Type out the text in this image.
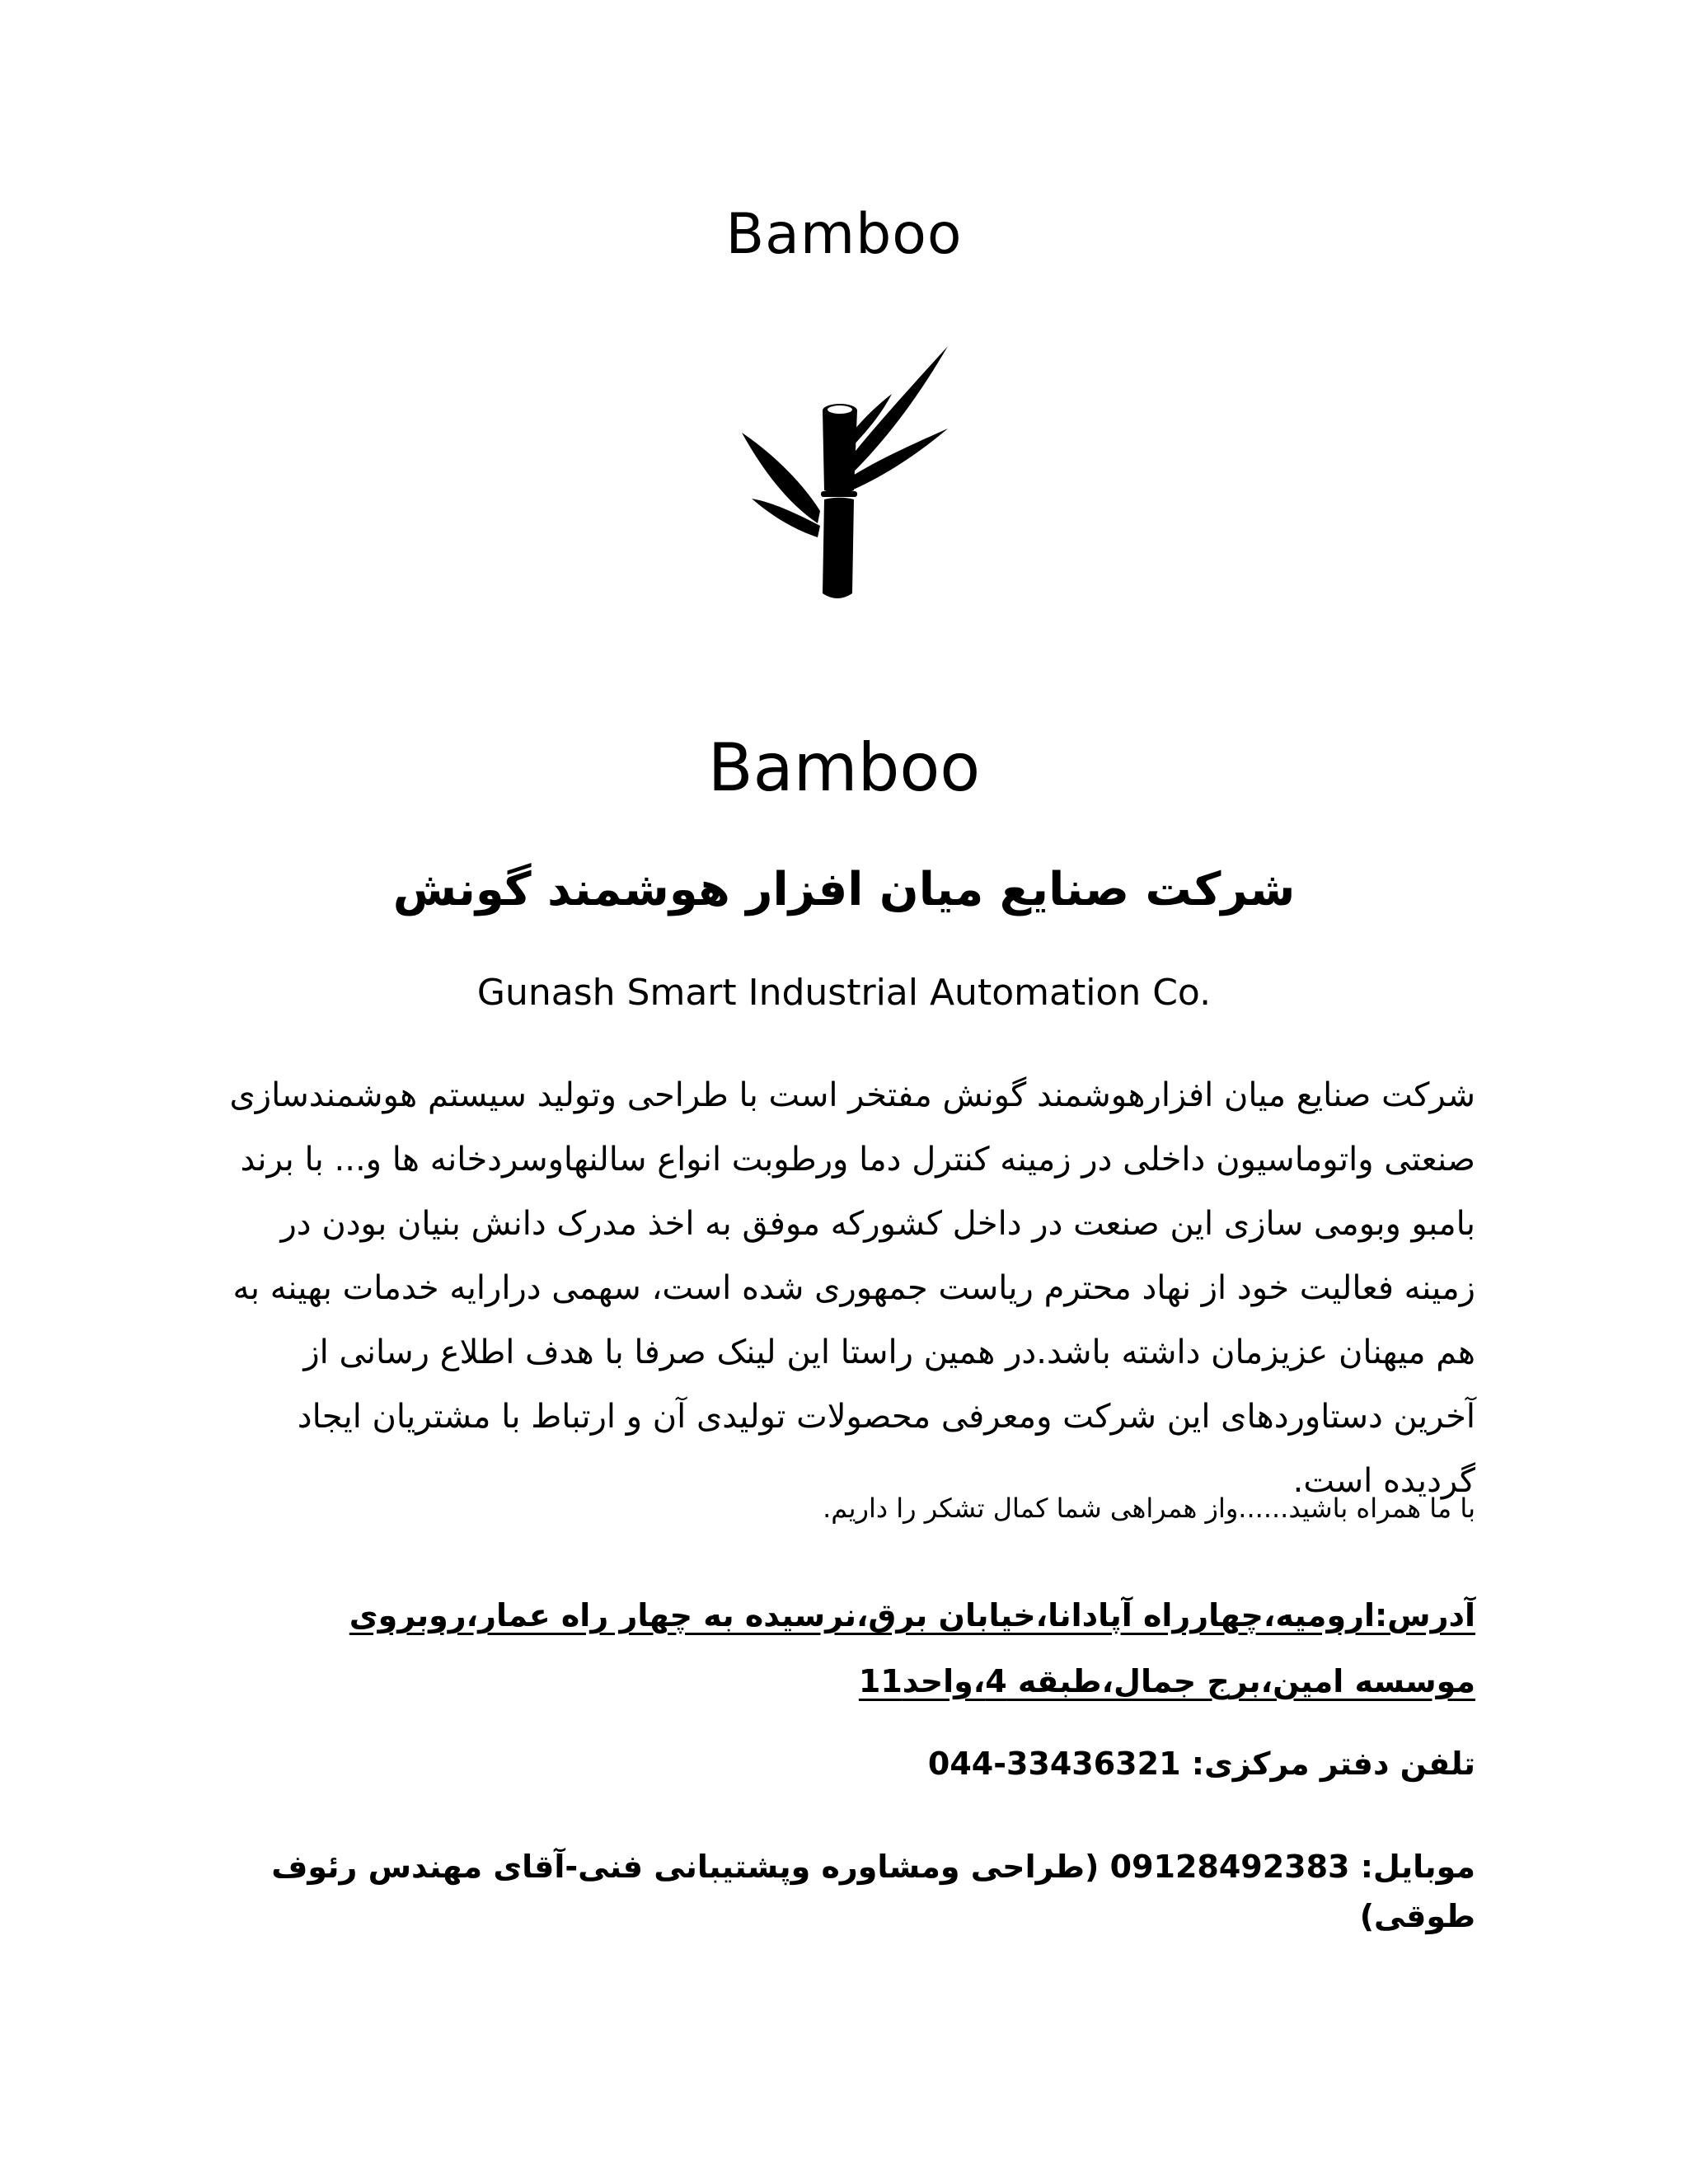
Bamboo
Bamboo
شرکت صنایع میان افزار هوشمند گونش
Gunash Smart Industrial Automation Co.

شرکت صنایع میان افزارهوشمند گونش مفتخر است با طراحی وتولید سیستم هوشمندسازی صنعتی واتوماسیون داخلی در زمینه کنترل دما ورطوبت انواع سالنهاوسردخانه ها و... با برند بامبو وبومی سازی این صنعت در داخل کشورکه موفق به اخذ مدرک دانش بنیان بودن در زمینه فعالیت خود از نهاد محترم ریاست جمهوری شده است، سهمی درارایه خدمات بهینه به هم میهنان عزیزمان داشته باشد.در همین راستا این لینک صرفا با هدف اطلاع رسانی از آخرین دستاوردهای این شرکت ومعرفی محصولات تولیدی آن و ارتباط با مشتریان ایجاد گردیده است.

با ما همراه باشید......واز همراهی شما کمال تشکر را داریم.
آدرس:ارومیه،چهارراه آپادانا،خیابان برق،نرسیده به چهار راه عمار،روبروی موسسه امین،برج جمال،طبقه 4،واحد11
تلفن دفتر مرکزی: 044-33436321
موبایل: 09128492383 (طراحی ومشاوره وپشتیبانی فنی-آقای مهندس رئوف طوقی)
